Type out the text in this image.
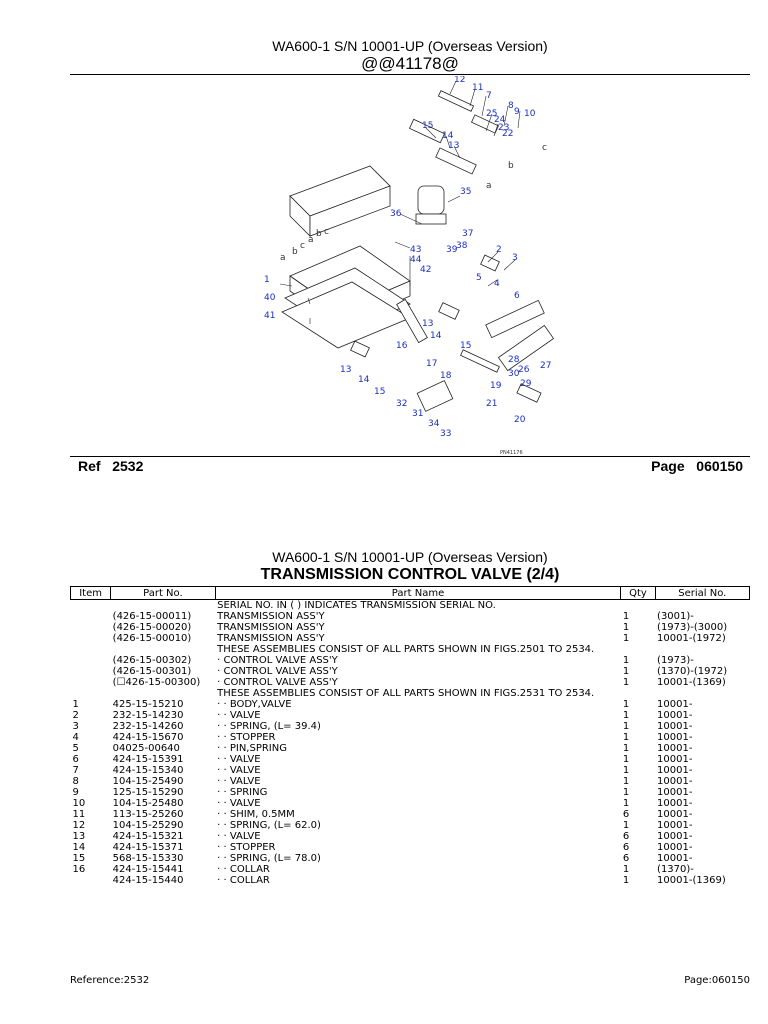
WA600-1 S/N 10001-UP (Overseas Version)
@@41178@
12
11
7
8
9 10
25
24
23
22
15
14
13
35
36
39
38
37
43
44
42
2
3
5
4
6
1
40
41
13
14
15
16
17
18
28
26 27
13
14
15
19 29
30
21
32
31
34
33
20
a
b
c
a
b
c
a
b c
PN41176
Ref 2532	Page 060150
WA600-1 S/N 10001-UP (Overseas Version)
TRANSMISSION CONTROL VALVE (2/4)
Item	Part No.	Part Name	Qty	Serial No.
		SERIAL NO. IN ( ) INDICATES TRANSMISSION SERIAL NO.		
	(426-15-00011)	TRANSMISSION ASS'Y	1	(3001)-
	(426-15-00020)	TRANSMISSION ASS'Y	1	(1973)-(3000)
	(426-15-00010)	TRANSMISSION ASS'Y	1	10001-(1972)
		THESE ASSEMBLIES CONSIST OF ALL PARTS SHOWN IN FIGS.2501 TO 2534.		
	(426-15-00302)	· CONTROL VALVE ASS'Y	1	(1973)-
	(426-15-00301)	· CONTROL VALVE ASS'Y	1	(1370)-(1972)
	(☐426-15-00300)	· CONTROL VALVE ASS'Y	1	10001-(1369)
		THESE ASSEMBLIES CONSIST OF ALL PARTS SHOWN IN FIGS.2531 TO 2534.		
1	425-15-15210	· · BODY,VALVE	1	10001-
2	232-15-14230	· · VALVE	1	10001-
3	232-15-14260	· · SPRING, (L= 39.4)	1	10001-
4	424-15-15670	· · STOPPER	1	10001-
5	04025-00640	· · PIN,SPRING	1	10001-
6	424-15-15391	· · VALVE	1	10001-
7	424-15-15340	· · VALVE	1	10001-
8	104-15-25490	· · VALVE	1	10001-
9	125-15-15290	· · SPRING	1	10001-
10	104-15-25480	· · VALVE	1	10001-
11	113-15-25260	· · SHIM, 0.5MM	6	10001-
12	104-15-25290	· · SPRING, (L= 62.0)	1	10001-
13	424-15-15321	· · VALVE	6	10001-
14	424-15-15371	· · STOPPER	6	10001-
15	568-15-15330	· · SPRING, (L= 78.0)	6	10001-
16	424-15-15441	· · COLLAR	1	(1370)-
	424-15-15440	· · COLLAR	1	10001-(1369)
Reference:2532	Page:060150
